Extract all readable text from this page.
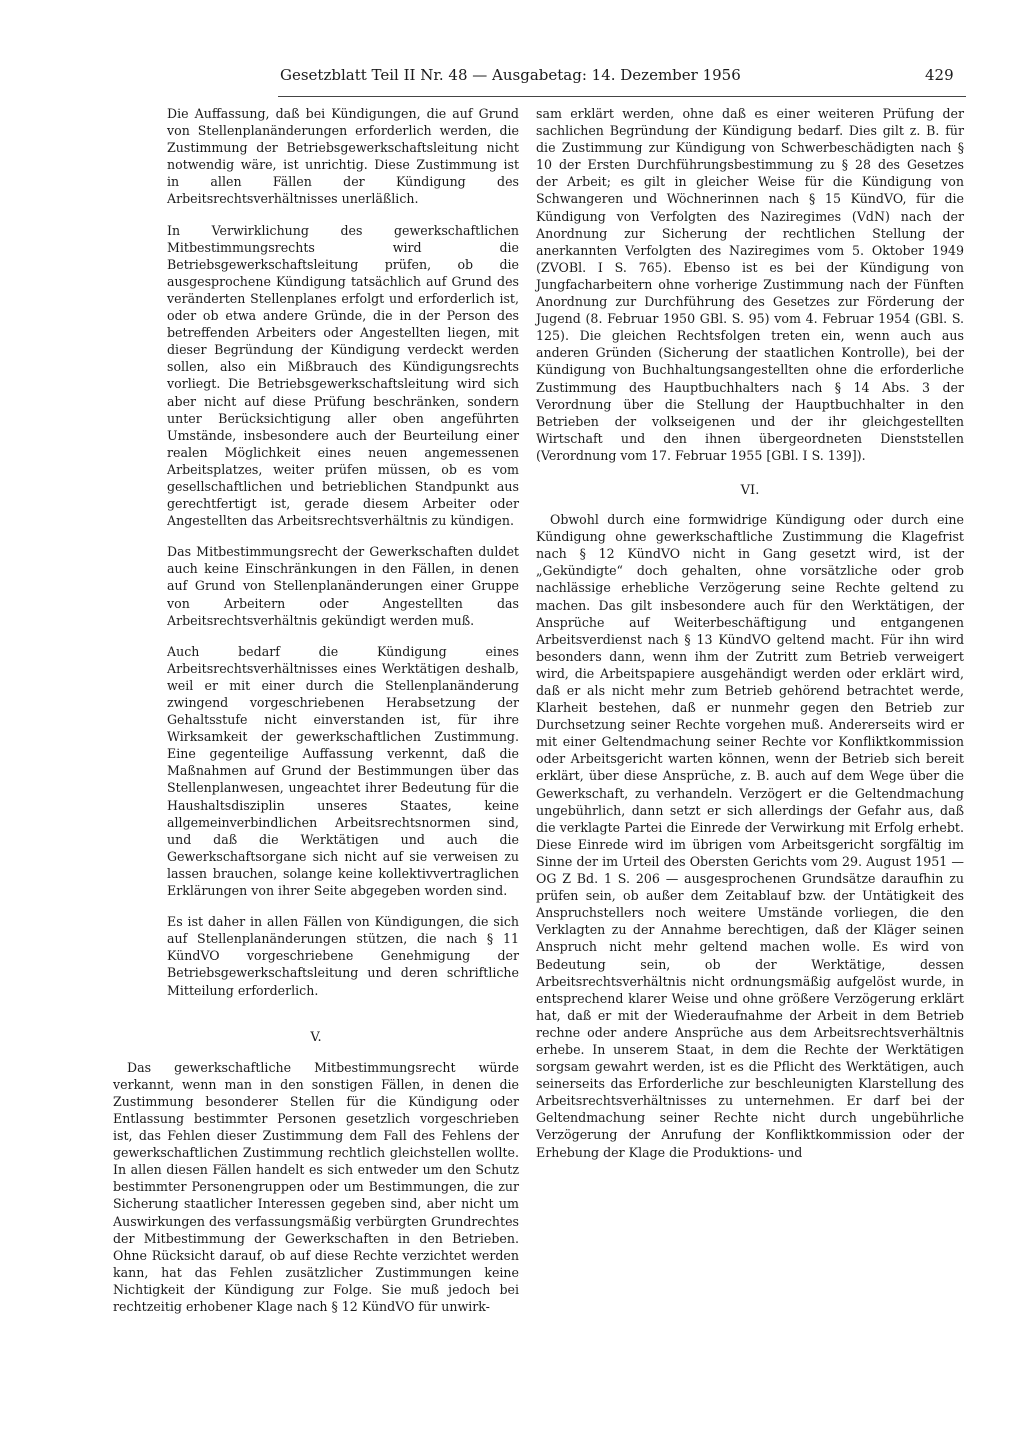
Gesetzblatt Teil II Nr. 48 — Ausgabetag: 14. Dezember 1956	429

Die Auffassung, daß bei Kündigungen, die auf Grund von Stellenplanänderungen erforderlich werden, die Zustimmung der Betriebsgewerkschaftsleitung nicht notwendig wäre, ist unrichtig. Diese Zustimmung ist in allen Fällen der Kündigung des Arbeitsrechtsverhältnisses unerläßlich.

In Verwirklichung des gewerkschaftlichen Mitbestimmungsrechts wird die Betriebsgewerkschaftsleitung prüfen, ob die ausgesprochene Kündigung tatsächlich auf Grund des veränderten Stellenplanes erfolgt und erforderlich ist, oder ob etwa andere Gründe, die in der Person des betreffenden Arbeiters oder Angestellten liegen, mit dieser Begründung der Kündigung verdeckt werden sollen, also ein Mißbrauch des Kündigungsrechts vorliegt. Die Betriebsgewerkschaftsleitung wird sich aber nicht auf diese Prüfung beschränken, sondern unter Berücksichtigung aller oben angeführten Umstände, insbesondere auch der Beurteilung einer realen Möglichkeit eines neuen angemessenen Arbeitsplatzes, weiter prüfen müssen, ob es vom gesellschaftlichen und betrieblichen Standpunkt aus gerechtfertigt ist, gerade diesem Arbeiter oder Angestellten das Arbeitsrechtsverhältnis zu kündigen.

Das Mitbestimmungsrecht der Gewerkschaften duldet auch keine Einschränkungen in den Fällen, in denen auf Grund von Stellenplanänderungen einer Gruppe von Arbeitern oder Angestellten das Arbeitsrechtsverhältnis gekündigt werden muß.

Auch bedarf die Kündigung eines Arbeitsrechtsverhältnisses eines Werktätigen deshalb, weil er mit einer durch die Stellenplanänderung zwingend vorgeschriebenen Herabsetzung der Gehaltsstufe nicht einverstanden ist, für ihre Wirksamkeit der gewerkschaftlichen Zustimmung. Eine gegenteilige Auffassung verkennt, daß die Maßnahmen auf Grund der Bestimmungen über das Stellenplanwesen, ungeachtet ihrer Bedeutung für die Haushaltsdisziplin unseres Staates, keine allgemeinverbindlichen Arbeitsrechtsnormen sind, und daß die Werktätigen und auch die Gewerkschaftsorgane sich nicht auf sie verweisen zu lassen brauchen, solange keine kollektivvertraglichen Erklärungen von ihrer Seite abgegeben worden sind.

Es ist daher in allen Fällen von Kündigungen, die sich auf Stellenplanänderungen stützen, die nach § 11 KündVO vorgeschriebene Genehmigung der Betriebsgewerkschaftsleitung und deren schriftliche Mitteilung erforderlich.

V.

Das gewerkschaftliche Mitbestimmungsrecht würde verkannt, wenn man in den sonstigen Fällen, in denen die Zustimmung besonderer Stellen für die Kündigung oder Entlassung bestimmter Personen gesetzlich vorgeschrieben ist, das Fehlen dieser Zustimmung dem Fall des Fehlens der gewerkschaftlichen Zustimmung rechtlich gleichstellen wollte. In allen diesen Fällen handelt es sich entweder um den Schutz bestimmter Personengruppen oder um Bestimmungen, die zur Sicherung staatlicher Interessen gegeben sind, aber nicht um Auswirkungen des verfassungsmäßig verbürgten Grundrechtes der Mitbestimmung der Gewerkschaften in den Betrieben. Ohne Rücksicht darauf, ob auf diese Rechte verzichtet werden kann, hat das Fehlen zusätzlicher Zustimmungen keine Nichtigkeit der Kündigung zur Folge. Sie muß jedoch bei rechtzeitig erhobener Klage nach § 12 KündVO für unwirk-

sam erklärt werden, ohne daß es einer weiteren Prüfung der sachlichen Begründung der Kündigung bedarf. Dies gilt z. B. für die Zustimmung zur Kündigung von Schwerbeschädigten nach § 10 der Ersten Durchführungsbestimmung zu § 28 des Gesetzes der Arbeit; es gilt in gleicher Weise für die Kündigung von Schwangeren und Wöchnerinnen nach § 15 KündVO, für die Kündigung von Verfolgten des Naziregimes (VdN) nach der Anordnung zur Sicherung der rechtlichen Stellung der anerkannten Verfolgten des Naziregimes vom 5. Oktober 1949 (ZVOBl. I S. 765). Ebenso ist es bei der Kündigung von Jungfacharbeitern ohne vorherige Zustimmung nach der Fünften Anordnung zur Durchführung des Gesetzes zur Förderung der Jugend (8. Februar 1950 GBl. S. 95) vom 4. Februar 1954 (GBl. S. 125). Die gleichen Rechtsfolgen treten ein, wenn auch aus anderen Gründen (Sicherung der staatlichen Kontrolle), bei der Kündigung von Buchhaltungsangestellten ohne die erforderliche Zustimmung des Hauptbuchhalters nach § 14 Abs. 3 der Verordnung über die Stellung der Hauptbuchhalter in den Betrieben der volkseigenen und der ihr gleichgestellten Wirtschaft und den ihnen übergeordneten Dienststellen (Verordnung vom 17. Februar 1955 [GBl. I S. 139]).

VI.

Obwohl durch eine formwidrige Kündigung oder durch eine Kündigung ohne gewerkschaftliche Zustimmung die Klagefrist nach § 12 KündVO nicht in Gang gesetzt wird, ist der „Gekündigte“ doch gehalten, ohne vorsätzliche oder grob nachlässige erhebliche Verzögerung seine Rechte geltend zu machen. Das gilt insbesondere auch für den Werktätigen, der Ansprüche auf Weiterbeschäftigung und entgangenen Arbeitsverdienst nach § 13 KündVO geltend macht. Für ihn wird besonders dann, wenn ihm der Zutritt zum Betrieb verweigert wird, die Arbeitspapiere ausgehändigt werden oder erklärt wird, daß er als nicht mehr zum Betrieb gehörend betrachtet werde, Klarheit bestehen, daß er nunmehr gegen den Betrieb zur Durchsetzung seiner Rechte vorgehen muß. Andererseits wird er mit einer Geltendmachung seiner Rechte vor Konfliktkommission oder Arbeitsgericht warten können, wenn der Betrieb sich bereit erklärt, über diese Ansprüche, z. B. auch auf dem Wege über die Gewerkschaft, zu verhandeln. Verzögert er die Geltendmachung ungebührlich, dann setzt er sich allerdings der Gefahr aus, daß die verklagte Partei die Einrede der Verwirkung mit Erfolg erhebt. Diese Einrede wird im übrigen vom Arbeitsgericht sorgfältig im Sinne der im Urteil des Obersten Gerichts vom 29. August 1951 — OG Z Bd. 1 S. 206 — ausgesprochenen Grundsätze daraufhin zu prüfen sein, ob außer dem Zeitablauf bzw. der Untätigkeit des Anspruchstellers noch weitere Umstände vorliegen, die den Verklagten zu der Annahme berechtigen, daß der Kläger seinen Anspruch nicht mehr geltend machen wolle. Es wird von Bedeutung sein, ob der Werktätige, dessen Arbeitsrechtsverhältnis nicht ordnungsmäßig aufgelöst wurde, in entsprechend klarer Weise und ohne größere Verzögerung erklärt hat, daß er mit der Wiederaufnahme der Arbeit in dem Betrieb rechne oder andere Ansprüche aus dem Arbeitsrechtsverhältnis erhebe. In unserem Staat, in dem die Rechte der Werktätigen sorgsam gewahrt werden, ist es die Pflicht des Werktätigen, auch seinerseits das Erforderliche zur beschleunigten Klarstellung des Arbeitsrechtsverhältnisses zu unternehmen. Er darf bei der Geltendmachung seiner Rechte nicht durch ungebührliche Verzögerung der Anrufung der Konfliktkommission oder der Erhebung der Klage die Produktions- und
